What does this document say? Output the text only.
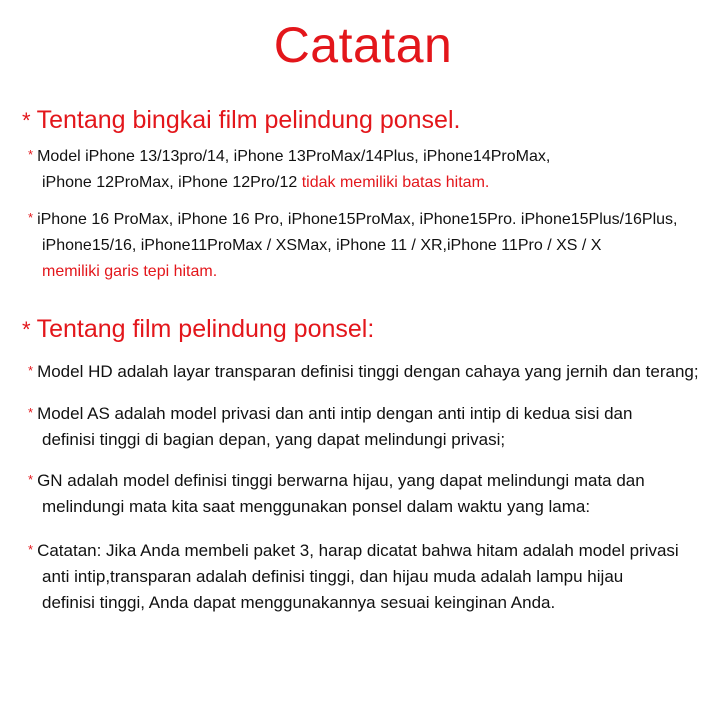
Catatan
* Tentang bingkai film pelindung ponsel.
* Model iPhone 13/13pro/14, iPhone 13ProMax/14Plus, iPhone14ProMax,
iPhone 12ProMax, iPhone 12Pro/12 tidak memiliki batas hitam.
* iPhone 16 ProMax, iPhone 16 Pro, iPhone15ProMax, iPhone15Pro. iPhone15Plus/16Plus,
iPhone15/16, iPhone11ProMax / XSMax, iPhone 11 / XR,iPhone 11Pro / XS / X
memiliki garis tepi hitam.
* Tentang film pelindung ponsel:
* Model HD adalah layar transparan definisi tinggi dengan cahaya yang jernih dan terang;
* Model AS adalah model privasi dan anti intip dengan anti intip di kedua sisi dan
definisi tinggi di bagian depan, yang dapat melindungi privasi;
* GN adalah model definisi tinggi berwarna hijau, yang dapat melindungi mata dan
melindungi mata kita saat menggunakan ponsel dalam waktu yang lama:
* Catatan: Jika Anda membeli paket 3, harap dicatat bahwa hitam adalah model privasi
anti intip,transparan adalah definisi tinggi, dan hijau muda adalah lampu hijau
definisi tinggi, Anda dapat menggunakannya sesuai keinginan Anda.
